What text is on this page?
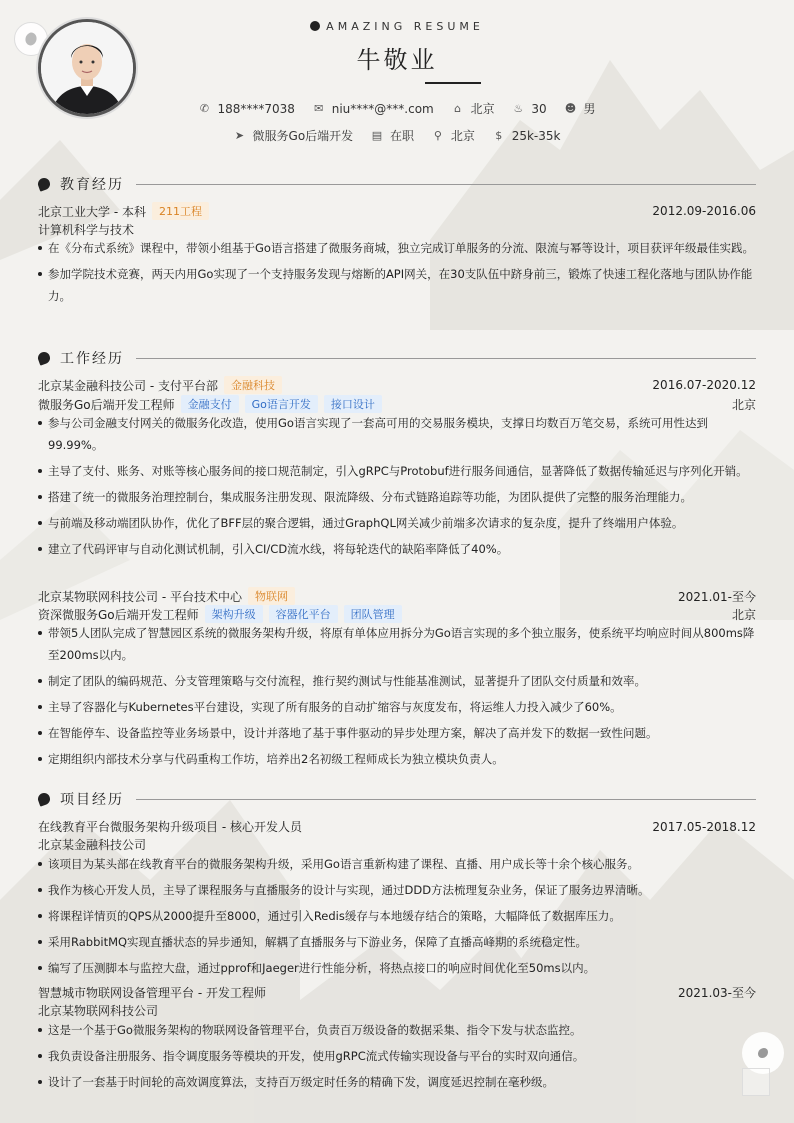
AMAZING RESUME
牛敬业
✆ 188****7038
✉ niu****@***.com
⌂ 北京
♨ 30
☻ 男
➤ 微服务Go后端开发
▤ 在职
⚲ 北京
$ 25k-35k
教育经历
北京工业大学 - 本科	211工程	2012.09-2016.06
计算机科学与技术
在《分布式系统》课程中，带领小组基于Go语言搭建了微服务商城，独立完成订单服务的分流、限流与幂等设计，项目获评年级最佳实践。
参加学院技术竞赛，两天内用Go实现了一个支持服务发现与熔断的API网关，在30支队伍中跻身前三，锻炼了快速工程化落地与团队协作能力。
工作经历
北京某金融科技公司 - 支付平台部	金融科技	2016.07-2020.12
微服务Go后端开发工程师	金融支付	Go语言开发	接口设计	北京
参与公司金融支付网关的微服务化改造，使用Go语言实现了一套高可用的交易服务模块，支撑日均数百万笔交易，系统可用性达到99.99%。
主导了支付、账务、对账等核心服务间的接口规范制定，引入gRPC与Protobuf进行服务间通信，显著降低了数据传输延迟与序列化开销。
搭建了统一的微服务治理控制台，集成服务注册发现、限流降级、分布式链路追踪等功能，为团队提供了完整的服务治理能力。
与前端及移动端团队协作，优化了BFF层的聚合逻辑，通过GraphQL网关减少前端多次请求的复杂度，提升了终端用户体验。
建立了代码评审与自动化测试机制，引入CI/CD流水线，将每轮迭代的缺陷率降低了40%。
北京某物联网科技公司 - 平台技术中心	物联网	2021.01-至今
资深微服务Go后端开发工程师	架构升级	容器化平台	团队管理	北京
带领5人团队完成了智慧园区系统的微服务架构升级，将原有单体应用拆分为Go语言实现的多个独立服务，使系统平均响应时间从800ms降至200ms以内。
制定了团队的编码规范、分支管理策略与交付流程，推行契约测试与性能基准测试，显著提升了团队交付质量和效率。
主导了容器化与Kubernetes平台建设，实现了所有服务的自动扩缩容与灰度发布，将运维人力投入减少了60%。
在智能停车、设备监控等业务场景中，设计并落地了基于事件驱动的异步处理方案，解决了高并发下的数据一致性问题。
定期组织内部技术分享与代码重构工作坊，培养出2名初级工程师成长为独立模块负责人。
项目经历
在线教育平台微服务架构升级项目 - 核心开发人员	2017.05-2018.12
北京某金融科技公司
该项目为某头部在线教育平台的微服务架构升级，采用Go语言重新构建了课程、直播、用户成长等十余个核心服务。
我作为核心开发人员，主导了课程服务与直播服务的设计与实现，通过DDD方法梳理复杂业务，保证了服务边界清晰。
将课程详情页的QPS从2000提升至8000，通过引入Redis缓存与本地缓存结合的策略，大幅降低了数据库压力。
采用RabbitMQ实现直播状态的异步通知，解耦了直播服务与下游业务，保障了直播高峰期的系统稳定性。
编写了压测脚本与监控大盘，通过pprof和Jaeger进行性能分析，将热点接口的响应时间优化至50ms以内。
智慧城市物联网设备管理平台 - 开发工程师	2021.03-至今
北京某物联网科技公司
这是一个基于Go微服务架构的物联网设备管理平台，负责百万级设备的数据采集、指令下发与状态监控。
我负责设备注册服务、指令调度服务等模块的开发，使用gRPC流式传输实现设备与平台的实时双向通信。
设计了一套基于时间轮的高效调度算法，支持百万级定时任务的精确下发，调度延迟控制在毫秒级。
